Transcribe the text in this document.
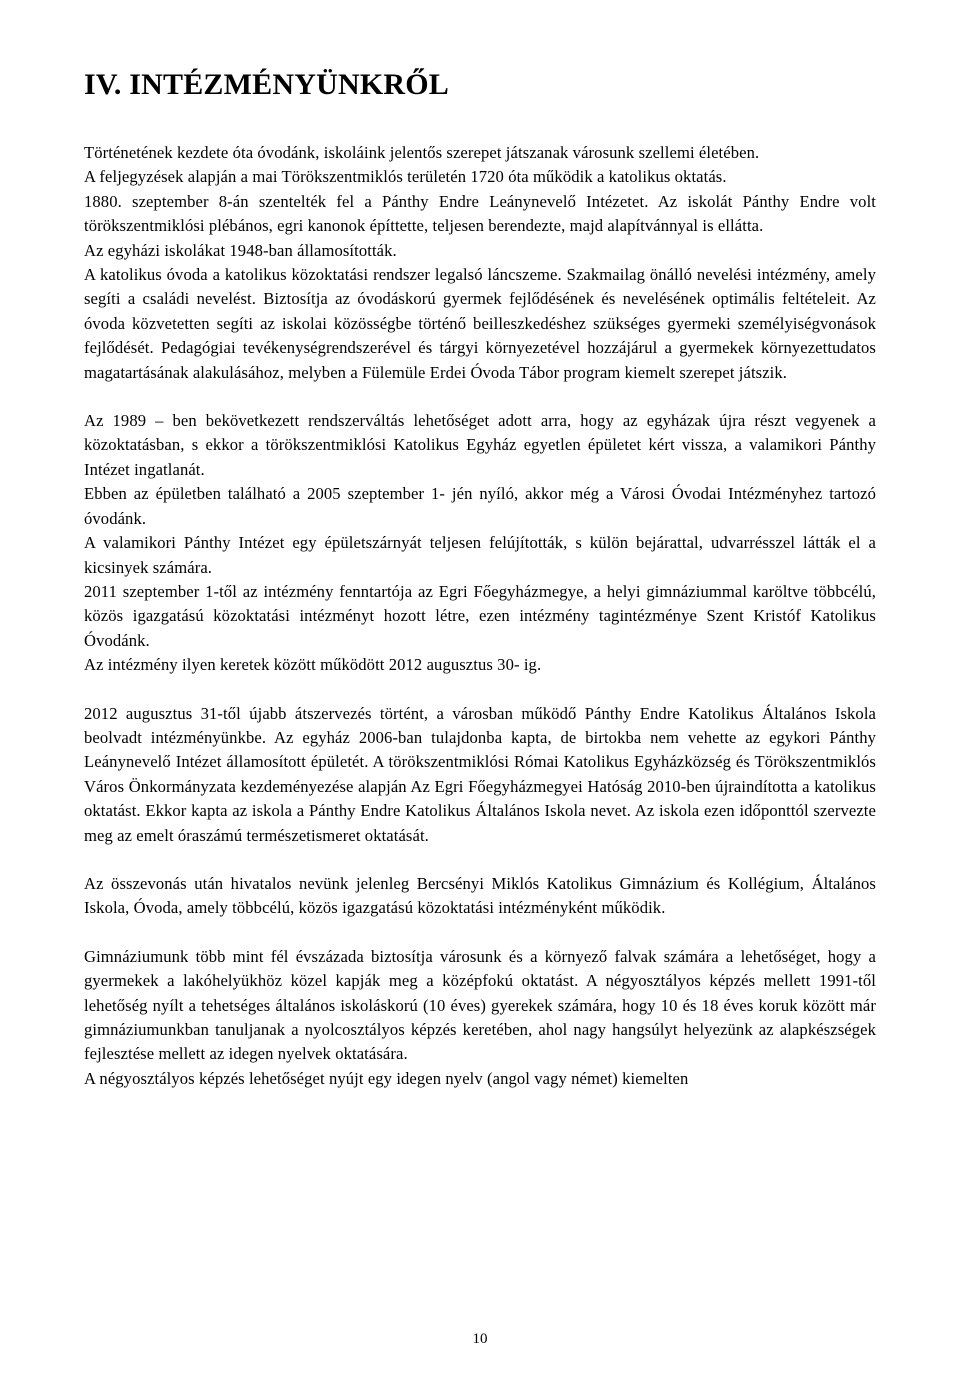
IV. INTÉZMÉNYÜNKRŐL

Történetének kezdete óta óvodánk, iskoláink jelentős szerepet játszanak városunk szellemi életében.

A feljegyzések alapján a mai Törökszentmiklós területén 1720 óta működik a katolikus oktatás.

1880. szeptember 8-án szentelték fel a Pánthy Endre Leánynevelő Intézetet. Az iskolát Pánthy Endre volt törökszentmiklósi plébános, egri kanonok építtette, teljesen berendezte, majd alapítvánnyal is ellátta.

Az egyházi iskolákat 1948-ban államosították.

A katolikus óvoda a katolikus közoktatási rendszer legalsó láncszeme. Szakmailag önálló nevelési intézmény, amely segíti a családi nevelést. Biztosítja az óvodáskorú gyermek fejlődésének és nevelésének optimális feltételeit. Az óvoda közvetetten segíti az iskolai közösségbe történő beilleszkedéshez szükséges gyermeki személyiségvonások fejlődését. Pedagógiai tevékenységrendszerével és tárgyi környezetével hozzájárul a gyermekek környezettudatos magatartásának alakulásához, melyben a Fülemüle Erdei Óvoda Tábor program kiemelt szerepet játszik.

Az 1989 – ben bekövetkezett rendszerváltás lehetőséget adott arra, hogy az egyházak újra részt vegyenek a közoktatásban, s ekkor a törökszentmiklósi Katolikus Egyház egyetlen épületet kért vissza, a valamikori Pánthy Intézet ingatlanát.

Ebben az épületben található a 2005 szeptember 1- jén nyíló, akkor még a Városi Óvodai Intézményhez tartozó óvodánk.

A valamikori Pánthy Intézet egy épületszárnyát teljesen felújították, s külön bejárattal, udvarrésszel látták el a kicsinyek számára.

2011 szeptember 1-től az intézmény fenntartója az Egri Főegyházmegye, a helyi gimnáziummal karöltve többcélú, közös igazgatású közoktatási intézményt hozott létre, ezen intézmény tagintézménye Szent Kristóf Katolikus Óvodánk.

Az intézmény ilyen keretek között működött 2012 augusztus 30- ig.

2012 augusztus 31-től újabb átszervezés történt, a városban működő Pánthy Endre Katolikus Általános Iskola beolvadt intézményünkbe. Az egyház 2006-ban tulajdonba kapta, de birtokba nem vehette az egykori Pánthy Leánynevelő Intézet államosított épületét. A törökszentmiklósi Római Katolikus Egyházközség és Törökszentmiklós Város Önkormányzata kezdeményezése alapján Az Egri Főegyházmegyei Hatóság 2010-ben újraindította a katolikus oktatást. Ekkor kapta az iskola a Pánthy Endre Katolikus Általános Iskola nevet. Az iskola ezen időponttól szervezte meg az emelt óraszámú természetismeret oktatását.

Az összevonás után hivatalos nevünk jelenleg Bercsényi Miklós Katolikus Gimnázium és Kollégium, Általános Iskola, Óvoda, amely többcélú, közös igazgatású közoktatási intézményként működik.

Gimnáziumunk több mint fél évszázada biztosítja városunk és a környező falvak számára a lehetőséget, hogy a gyermekek a lakóhelyükhöz közel kapják meg a középfokú oktatást. A négyosztályos képzés mellett 1991-től lehetőség nyílt a tehetséges általános iskoláskorú (10 éves) gyerekek számára, hogy 10 és 18 éves koruk között már gimnáziumunkban tanuljanak a nyolcosztályos képzés keretében, ahol nagy hangsúlyt helyezünk az alapkészségek fejlesztése mellett az idegen nyelvek oktatására.

A négyosztályos képzés lehetőséget nyújt egy idegen nyelv (angol vagy német) kiemelten

10
